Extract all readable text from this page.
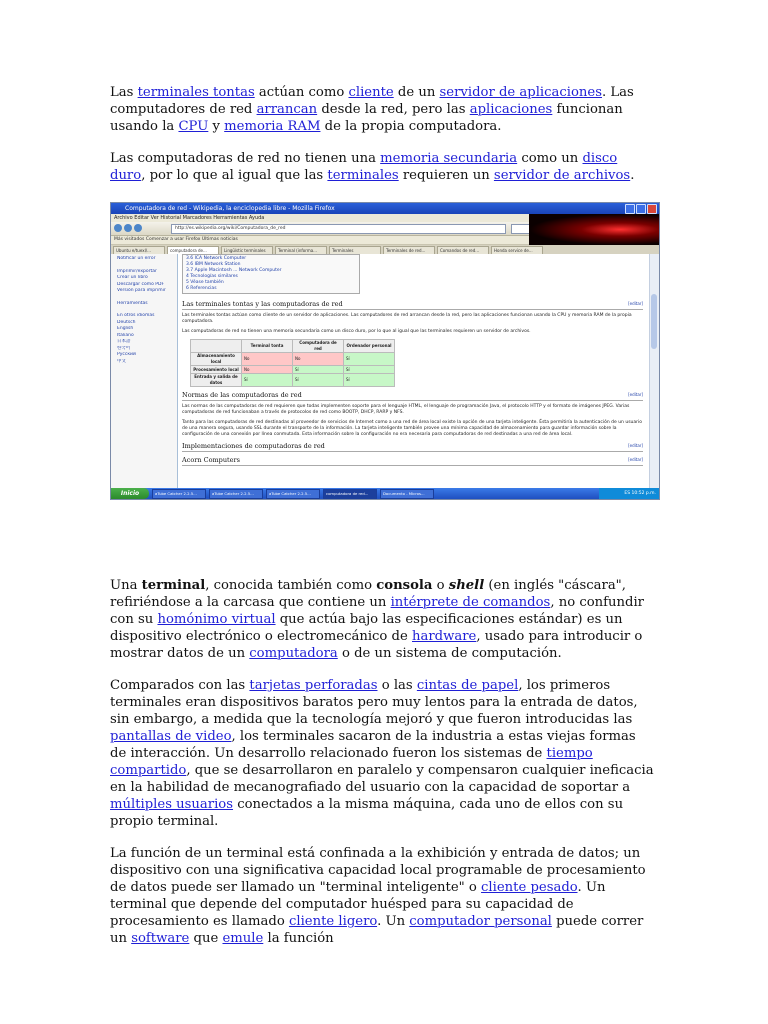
Las terminales tontas actúan como cliente de un servidor de aplicaciones. Las computadores de red arrancan desde la red, pero las aplicaciones funcionan usando la CPU y memoria RAM de la propia computadora.

Las computadoras de red no tienen una memoria secundaria como un disco duro, por lo que al igual que las terminales requieren un servidor de archivos.

Computadora de red - Wikipedia, la enciclopedia libre - Mozilla Firefox
Archivo Editar Ver Historial Marcadores Herramientas Ayuda
http://es.wikipedia.org/wiki/Computadora_de_red
Más visitados Comenzar a usar Firefox Últimas noticias
Ubuntu e/tuexl/...	computadora de...	Lingüístic terminales	Terminal (informa...	Terminales	Terminales de red...	Comandos de red...	Honda service de...
Notificar un error
Imprimir/exportar
Crear un libro
Descargar como PDF
Versión para imprimir
Herramientas
En otros idiomas
Deutsch
English
Italiano
日本語
한국어
Русский
中文
3.6 ICA Network Computer
3.6 IBM Network Station
3.7 Apple Macintosh ... Network Computer
4 Tecnologías similares
5 Véase también
6 Referencias
Las terminales tontas y las computadoras de red	[editar]
Las terminales tontas actúan como cliente de un servidor de aplicaciones. Las computadores de red arrancan desde la red, pero las aplicaciones funcionan usando la CPU y memoria RAM de la propia computadora.
Las computadoras de red no tienen una memoria secundaria como un disco duro, por lo que al igual que las terminales requieren un servidor de archivos.
	Terminal tonta	Computadora de red	Ordenador personal
Almacenamiento local	No	No	Sí
Procesamiento local	No	Sí	Sí
Entrada y salida de datos	Sí	Sí	Sí
Normas de las computadoras de red	[editar]
Las normas de las computadoras de red requieren que todas implementen soporte para el lenguaje HTML, el lenguaje de programación Java, el protocolo HTTP y el formato de imágenes JPEG. Varias computadoras de red funcionaban a través de protocolos de red como BOOTP, DHCP, RARP y NFS.
Tanto para las computadoras de red destinadas al proveedor de servicios de Internet como a una red de área local existe la opción de una tarjeta inteligente. Ésta permitiría la autenticación de un usuario de una manera segura, usando SSL durante el transporte de la información. La tarjeta inteligente también provee una mínima capacidad de almacenamiento para guardar información sobre la configuración de una conexión por línea conmutada. Esta información sobre la configuración no era necesaria para computadoras de red destinadas a una red de área local.
Implementaciones de computadoras de red	[editar]
Acorn Computers	[editar]
Inicio	aTube Catcher 2.2.5...	aTube Catcher 2.2.5...	aTube Catcher 2.2.5...	computadora de red...	Documento - Micros...	ES 10:52 p.m.

Una terminal, conocida también como consola o shell (en inglés "cáscara", refiriéndose a la carcasa que contiene un intérprete de comandos, no confundir con su homónimo virtual que actúa bajo las especificaciones estándar) es un dispositivo electrónico o electromecánico de hardware, usado para introducir o mostrar datos de un computadora o de un sistema de computación.

Comparados con las tarjetas perforadas o las cintas de papel, los primeros terminales eran dispositivos baratos pero muy lentos para la entrada de datos, sin embargo, a medida que la tecnología mejoró y que fueron introducidas las pantallas de video, los terminales sacaron de la industria a estas viejas formas de interacción. Un desarrollo relacionado fueron los sistemas de tiempo compartido, que se desarrollaron en paralelo y compensaron cualquier ineficacia en la habilidad de mecanografiado del usuario con la capacidad de soportar a múltiples usuarios conectados a la misma máquina, cada uno de ellos con su propio terminal.

La función de un terminal está confinada a la exhibición y entrada de datos; un dispositivo con una significativa capacidad local programable de procesamiento de datos puede ser llamado un "terminal inteligente" o cliente pesado. Un terminal que depende del computador huésped para su capacidad de procesamiento es llamado cliente ligero. Un computador personal puede correr un software que emule la función
